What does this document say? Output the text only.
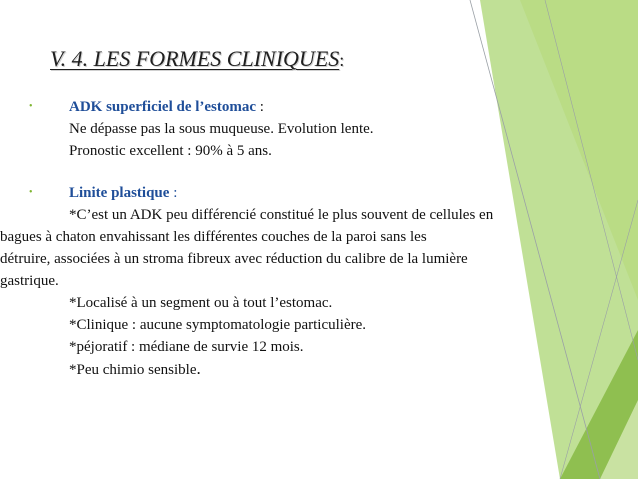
V. 4. LES FORMES CLINIQUES:
• ADK superficiel de l’estomac :
Ne dépasse pas la sous muqueuse. Evolution lente.
Pronostic excellent : 90% à 5 ans.
• Linite plastique :
*C’est un ADK peu différencié constitué le plus souvent de cellules en
bagues à chaton envahissant les différentes couches de la paroi sans les
détruire, associées à un stroma fibreux avec réduction du calibre de la lumière
gastrique.
*Localisé à un segment ou à tout l’estomac.
*Clinique : aucune symptomatologie particulière.
*péjoratif : médiane de survie 12 mois.
*Peu chimio sensible.
